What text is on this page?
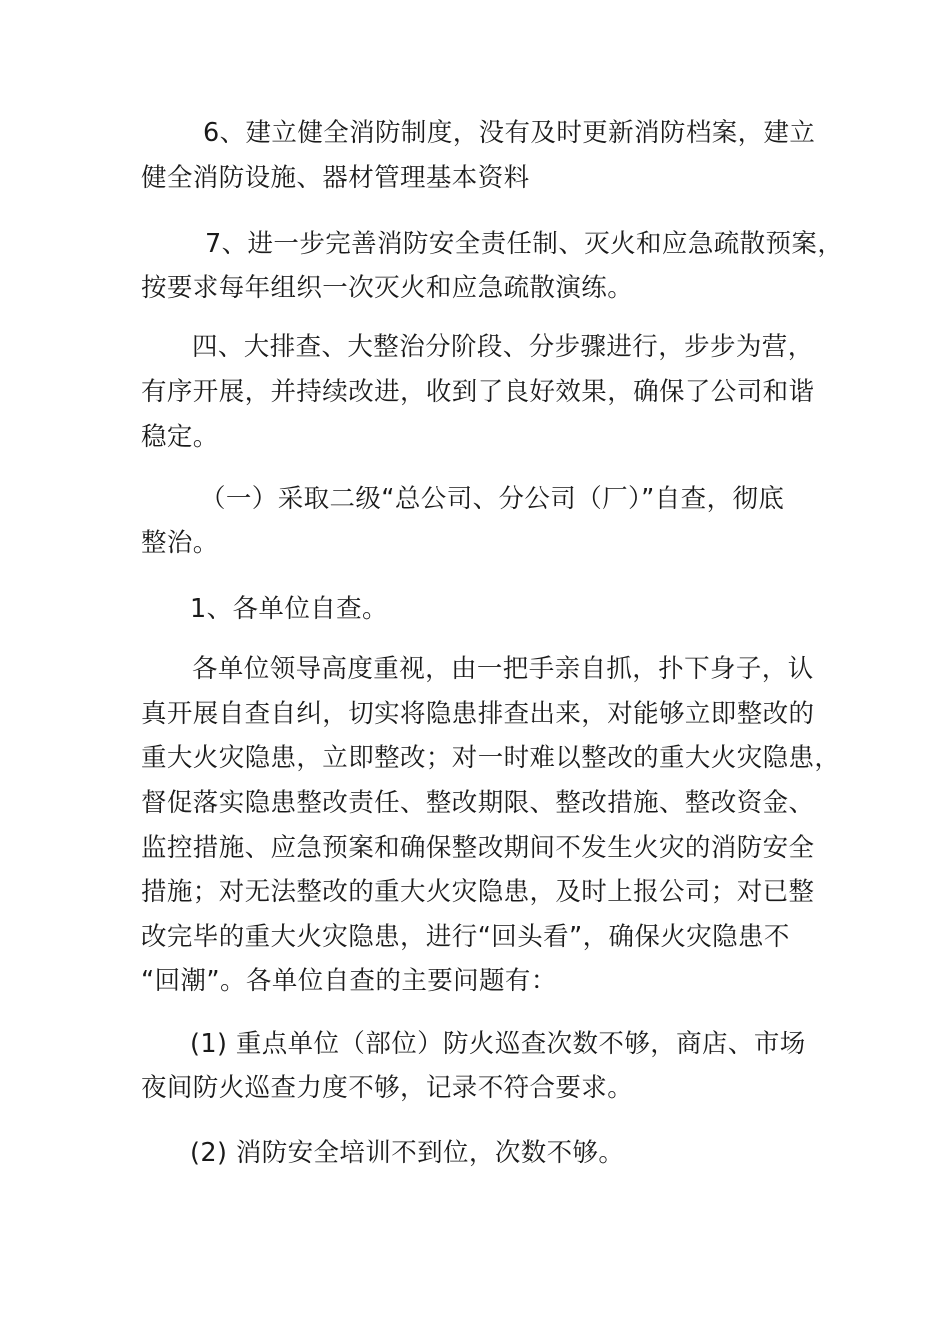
6、建立健全消防制度，没有及时更新消防档案，建立
健全消防设施、器材管理基本资料
7、进一步完善消防安全责任制、灭火和应急疏散预案，
按要求每年组织一次灭火和应急疏散演练。
四、大排查、大整治分阶段、分步骤进行，步步为营，
有序开展，并持续改进，收到了良好效果，确保了公司和谐
稳定。
（一）采取二级“总公司、分公司（厂）”自查，彻底
整治。
1、各单位自查。
各单位领导高度重视，由一把手亲自抓，扑下身子，认
真开展自查自纠，切实将隐患排查出来，对能够立即整改的
重大火灾隐患，立即整改；对一时难以整改的重大火灾隐患，
督促落实隐患整改责任、整改期限、整改措施、整改资金、
监控措施、应急预案和确保整改期间不发生火灾的消防安全
措施；对无法整改的重大火灾隐患，及时上报公司；对已整
改完毕的重大火灾隐患，进行“回头看”，确保火灾隐患不
“回潮”。各单位自查的主要问题有：
(1) 重点单位（部位）防火巡查次数不够，商店、市场
夜间防火巡查力度不够，记录不符合要求。
(2) 消防安全培训不到位，次数不够。
